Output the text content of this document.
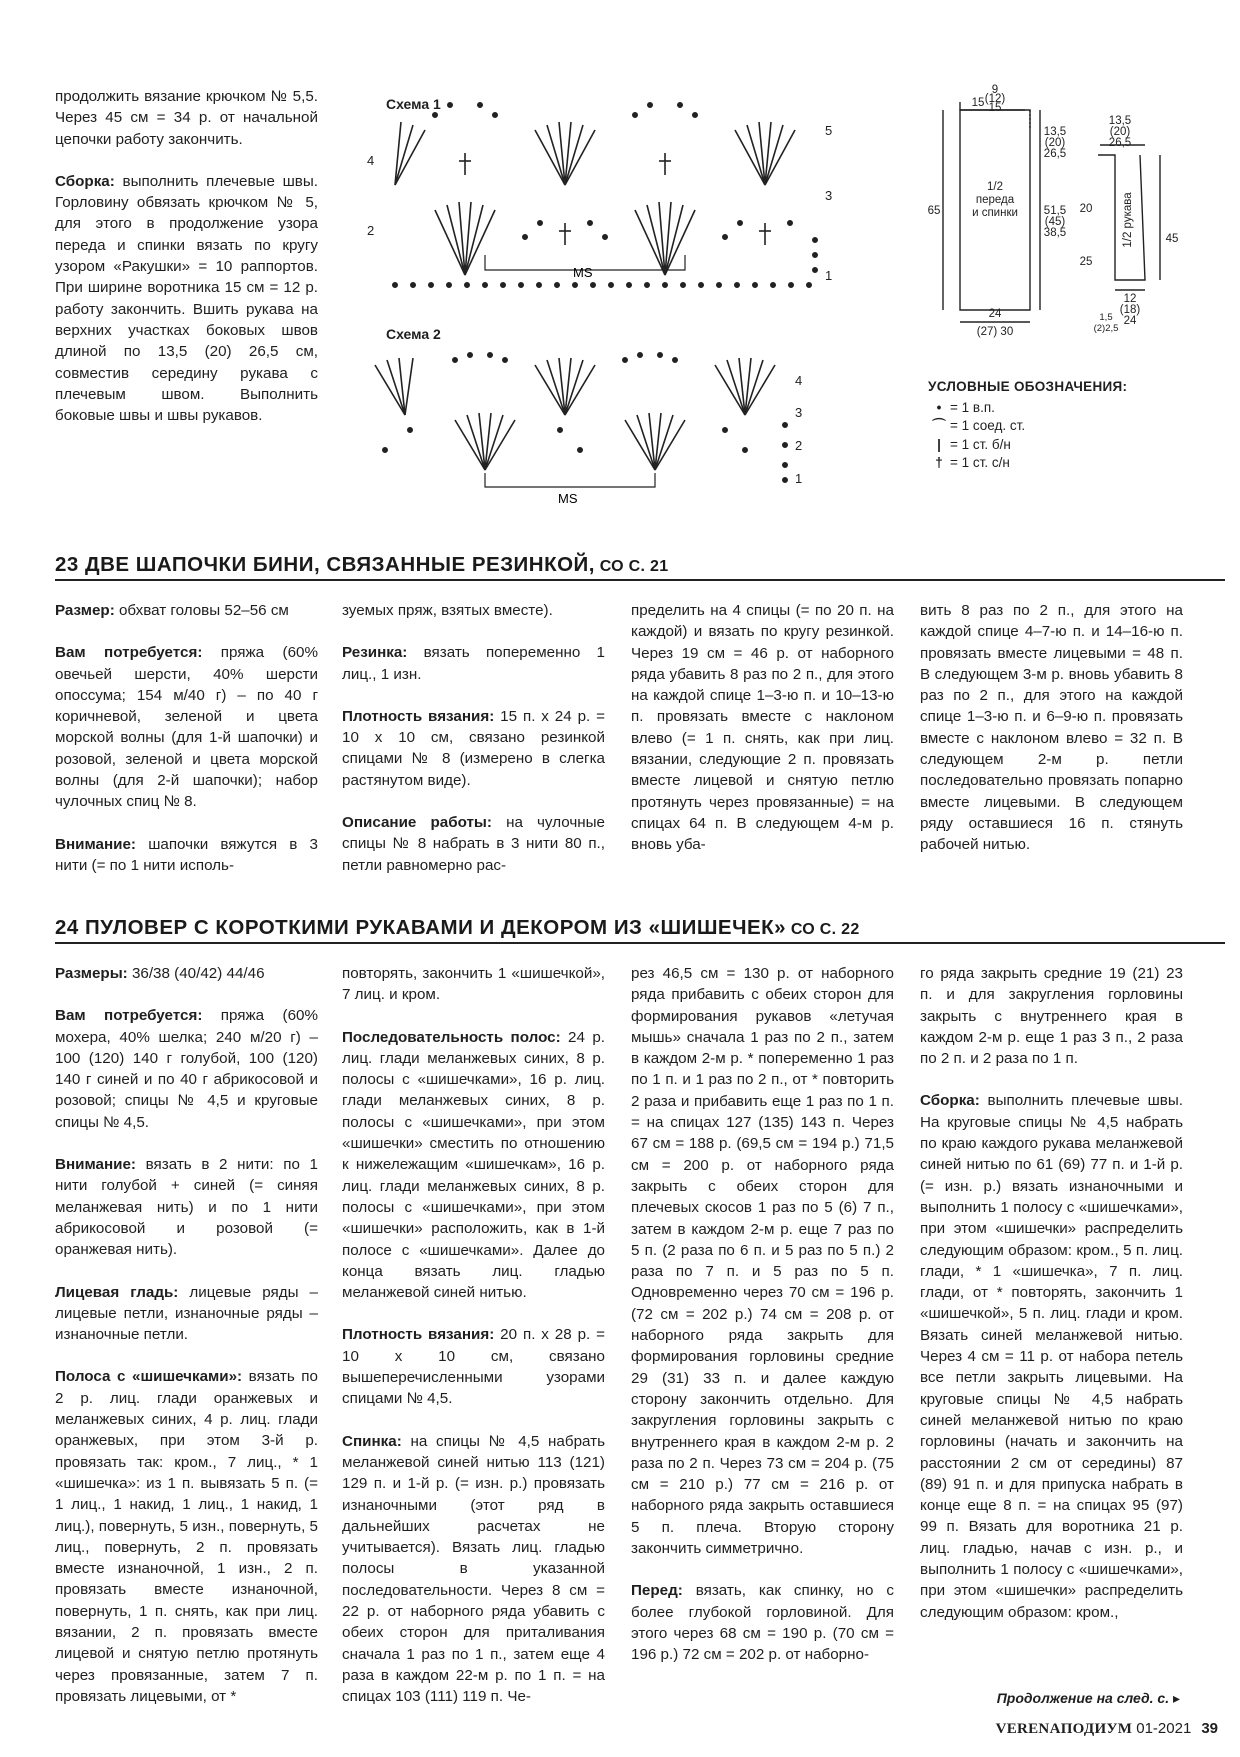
продолжить вязание крючком № 5,5. Через 45 см = 34 р. от начальной цепочки работу закончить.

Сборка: выполнить плечевые швы. Горловину обвязать крючком № 5, для этого в продолжение узора переда и спинки вязать по кругу узором «Ракушки» = 10 раппортов. При ширине воротника 15 см = 12 р. работу закончить. Вшить рукава на верхних участках боковых швов длиной по 13,5 (20) 26,5 см, совместив середину рукава с плечевым швом. Выполнить боковые швы и швы рукавов.

Схема 1
Схема 2
MS
5
4
3
2
1
MS
4
3
2
1
9
(12)
15
15
1/2
переда
и спинки
65
13,5
(20)
26,5
51,5
(45)
38,5
24
(27) 30
13,5
(20)
26,5
20
25
45
12
(18)
24
1,5
(2)2,5
1/2 рукава
УСЛОВНЫЕ ОБОЗНАЧЕНИЯ:
• = 1 в.п.
⌒ = 1 соед. ст.
| = 1 ст. б/н
† = 1 ст. с/н
23 ДВЕ ШАПОЧКИ БИНИ, СВЯЗАННЫЕ РЕЗИНКОЙ, СО С. 21

Размер: обхват головы 52–56 см

Вам потребуется: пряжа (60% овечьей шерсти, 40% шерсти опоссума; 154 м/40 г) – по 40 г коричневой, зеленой и цвета морской волны (для 1-й шапочки) и розовой, зеленой и цвета морской волны (для 2-й шапочки); набор чулочных спиц № 8.

Внимание: шапочки вяжутся в 3 нити (= по 1 нити исполь-

зуемых пряж, взятых вместе).

Резинка: вязать попеременно 1 лиц., 1 изн.

Плотность вязания: 15 п. х 24 р. = 10 х 10 см, связано резинкой спицами № 8 (измерено в слегка растянутом виде).

Описание работы: на чулочные спицы № 8 набрать в 3 нити 80 п., петли равномерно рас-

пределить на 4 спицы (= по 20 п. на каждой) и вязать по кругу резинкой. Через 19 см = 46 р. от наборного ряда убавить 8 раз по 2 п., для этого на каждой спице 1–3-ю п. и 10–13-ю п. провязать вместе с наклоном влево (= 1 п. снять, как при лиц. вязании, следующие 2 п. провязать вместе лицевой и снятую петлю протянуть через провязанные) = на спицах 64 п. В следующем 4-м р. вновь уба-

вить 8 раз по 2 п., для этого на каждой спице 4–7-ю п. и 14–16-ю п. провязать вместе лицевыми = 48 п. В следующем 3-м р. вновь убавить 8 раз по 2 п., для этого на каждой спице 1–3-ю п. и 6–9-ю п. провязать вместе с наклоном влево = 32 п. В следующем 2-м р. петли последовательно провязать попарно вместе лицевыми. В следующем ряду оставшиеся 16 п. стянуть рабочей нитью.

24 ПУЛОВЕР С КОРОТКИМИ РУКАВАМИ И ДЕКОРОМ ИЗ «ШИШЕЧЕК» СО С. 22

Размеры: 36/38 (40/42) 44/46

Вам потребуется: пряжа (60% мохера, 40% шелка; 240 м/20 г) – 100 (120) 140 г голубой, 100 (120) 140 г синей и по 40 г абрикосовой и розовой; спицы № 4,5 и круговые спицы № 4,5.

Внимание: вязать в 2 нити: по 1 нити голубой + синей (= синяя меланжевая нить) и по 1 нити абрикосовой и розовой (= оранжевая нить).

Лицевая гладь: лицевые ряды – лицевые петли, изнаночные ряды – изнаночные петли.

Полоса с «шишечками»: вязать по 2 р. лиц. глади оранжевых и меланжевых синих, 4 р. лиц. глади оранжевых, при этом 3-й р. провязать так: кром., 7 лиц., * 1 «шишечка»: из 1 п. вывязать 5 п. (= 1 лиц., 1 накид, 1 лиц., 1 накид, 1 лиц.), повернуть, 5 изн., повернуть, 5 лиц., повернуть, 2 п. провязать вместе изнаночной, 1 изн., 2 п. провязать вместе изнаночной, повернуть, 1 п. снять, как при лиц. вязании, 2 п. провязать вместе лицевой и снятую петлю протянуть через провязанные, затем 7 п. провязать лицевыми, от *

повторять, закончить 1 «шишечкой», 7 лиц. и кром.

Последовательность полос: 24 р. лиц. глади меланжевых синих, 8 р. полосы с «шишечками», 16 р. лиц. глади меланжевых синих, 8 р. полосы с «шишечками», при этом «шишечки» сместить по отношению к нижележащим «шишечкам», 16 р. лиц. глади меланжевых синих, 8 р. полосы с «шишечками», при этом «шишечки» расположить, как в 1-й полосе с «шишечками». Далее до конца вязать лиц. гладью меланжевой синей нитью.

Плотность вязания: 20 п. х 28 р. = 10 х 10 см, связано вышеперечисленными узорами спицами № 4,5.

Спинка: на спицы № 4,5 набрать меланжевой синей нитью 113 (121) 129 п. и 1-й р. (= изн. р.) провязать изнаночными (этот ряд в дальнейших расчетах не учитывается). Вязать лиц. гладью полосы в указанной последовательности. Через 8 см = 22 р. от наборного ряда убавить с обеих сторон для приталивания сначала 1 раз по 1 п., затем еще 4 раза в каждом 22-м р. по 1 п. = на спицах 103 (111) 119 п. Че-

рез 46,5 см = 130 р. от наборного ряда прибавить с обеих сторон для формирования рукавов «летучая мышь» сначала 1 раз по 2 п., затем в каждом 2-м р. * попеременно 1 раз по 1 п. и 1 раз по 2 п., от * повторить 2 раза и прибавить еще 1 раз по 1 п. = на спицах 127 (135) 143 п. Через 67 см = 188 р. (69,5 см = 194 р.) 71,5 см = 200 р. от наборного ряда закрыть с обеих сторон для плечевых скосов 1 раз по 5 (6) 7 п., затем в каждом 2-м р. еще 7 раз по 5 п. (2 раза по 6 п. и 5 раз по 5 п.) 2 раза по 7 п. и 5 раз по 5 п. Одновременно через 70 см = 196 р. (72 см = 202 р.) 74 см = 208 р. от наборного ряда закрыть для формирования горловины средние 29 (31) 33 п. и далее каждую сторону закончить отдельно. Для закругления горловины закрыть с внутреннего края в каждом 2-м р. 2 раза по 2 п. Через 73 см = 204 р. (75 см = 210 р.) 77 см = 216 р. от наборного ряда закрыть оставшиеся 5 п. плеча. Вторую сторону закончить симметрично.

Перед: вязать, как спинку, но с более глубокой горловиной. Для этого через 68 см = 190 р. (70 см = 196 р.) 72 см = 202 р. от наборно-

го ряда закрыть средние 19 (21) 23 п. и для закругления горловины закрыть с внутреннего края в каждом 2-м р. еще 1 раз 3 п., 2 раза по 2 п. и 2 раза по 1 п.

Сборка: выполнить плечевые швы. На круговые спицы № 4,5 набрать по краю каждого рукава меланжевой синей нитью по 61 (69) 77 п. и 1-й р. (= изн. р.) вязать изнаночными и выполнить 1 полосу с «шишечками», при этом «шишечки» распределить следующим образом: кром., 5 п. лиц. глади, * 1 «шишечка», 7 п. лиц. глади, от * повторять, закончить 1 «шишечкой», 5 п. лиц. глади и кром. Вязать синей меланжевой нитью. Через 4 см = 11 р. от набора петель все петли закрыть лицевыми. На круговые спицы № 4,5 набрать синей меланжевой нитью по краю горловины (начать и закончить на расстоянии 2 см от середины) 87 (89) 91 п. и для припуска набрать в конце еще 8 п. = на спицах 95 (97) 99 п. Вязать для воротника 21 р. лиц. гладью, начав с изн. р., и выполнить 1 полосу с «шишечками», при этом «шишечки» распределить следующим образом: кром.,

Продолжение на след. с. ▸
VERENAПОДИУМ 01-2021 39
